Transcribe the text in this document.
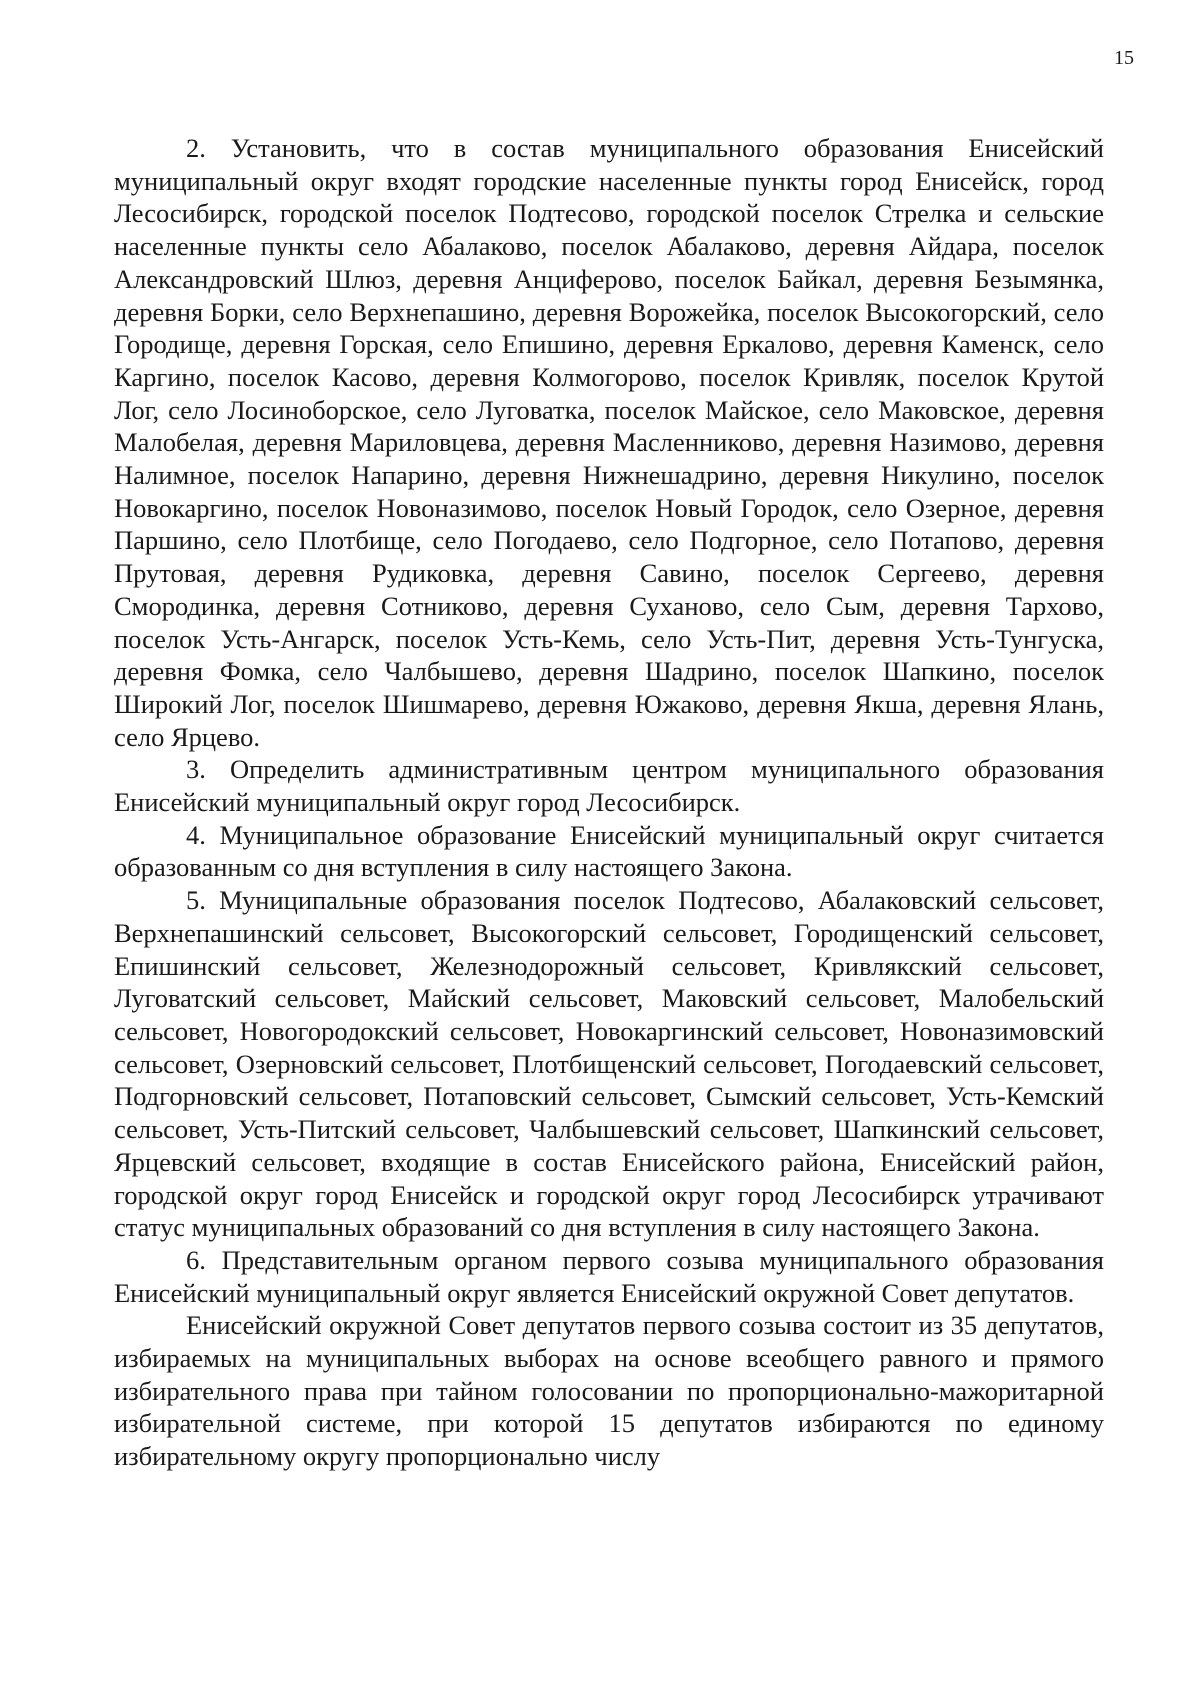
15

2. Установить, что в состав муниципального образования Енисейский муниципальный округ входят городские населенные пункты город Енисейск, город Лесосибирск, городской поселок Подтесово, городской поселок Стрелка и сельские населенные пункты село Абалаково, поселок Абалаково, деревня Айдара, поселок Александровский Шлюз, деревня Анциферово, поселок Байкал, деревня Безымянка, деревня Борки, село Верхнепашино, деревня Ворожейка, поселок Высокогорский, село Городище, деревня Горская, село Епишино, деревня Еркалово, деревня Каменск, село Каргино, поселок Касово, деревня Колмогорово, поселок Кривляк, поселок Крутой Лог, село Лосиноборское, село Луговатка, поселок Майское, село Маковское, деревня Малобелая, деревня Мариловцева, деревня Масленниково, деревня Назимово, деревня Налимное, поселок Напарино, деревня Нижнешадрино, деревня Никулино, поселок Новокаргино, поселок Новоназимово, поселок Новый Городок, село Озерное, деревня Паршино, село Плотбище, село Погодаево, село Подгорное, село Потапово, деревня Прутовая, деревня Рудиковка, деревня Савино, поселок Сергеево, деревня Смородинка, деревня Сотниково, деревня Суханово, село Сым, деревня Тархово, поселок Усть-Ангарск, поселок Усть-Кемь, село Усть-Пит, деревня Усть-Тунгуска, деревня Фомка, село Чалбышево, деревня Шадрино, поселок Шапкино, поселок Широкий Лог, поселок Шишмарево, деревня Южаково, деревня Якша, деревня Ялань, село Ярцево.

3. Определить административным центром муниципального образования Енисейский муниципальный округ город Лесосибирск.

4. Муниципальное образование Енисейский муниципальный округ считается образованным со дня вступления в силу настоящего Закона.

5. Муниципальные образования поселок Подтесово, Абалаковский сельсовет, Верхнепашинский сельсовет, Высокогорский сельсовет, Городищенский сельсовет, Епишинский сельсовет, Железнодорожный сельсовет, Кривлякский сельсовет, Луговатский сельсовет, Майский сельсовет, Маковский сельсовет, Малобельский сельсовет, Новогородокский сельсовет, Новокаргинский сельсовет, Новоназимовский сельсовет, Озерновский сельсовет, Плотбищенский сельсовет, Погодаевский сельсовет, Подгорновский сельсовет, Потаповский сельсовет, Сымский сельсовет, Усть-Кемский сельсовет, Усть-Питский сельсовет, Чалбышевский сельсовет, Шапкинский сельсовет, Ярцевский сельсовет, входящие в состав Енисейского района, Енисейский район, городской округ город Енисейск и городской округ город Лесосибирск утрачивают статус муниципальных образований со дня вступления в силу настоящего Закона.

6. Представительным органом первого созыва муниципального образования Енисейский муниципальный округ является Енисейский окружной Совет депутатов.

Енисейский окружной Совет депутатов первого созыва состоит из 35 депутатов, избираемых на муниципальных выборах на основе всеобщего равного и прямого избирательного права при тайном голосовании по пропорционально-мажоритарной избирательной системе, при которой 15 депутатов избираются по единому избирательному округу пропорционально числу
